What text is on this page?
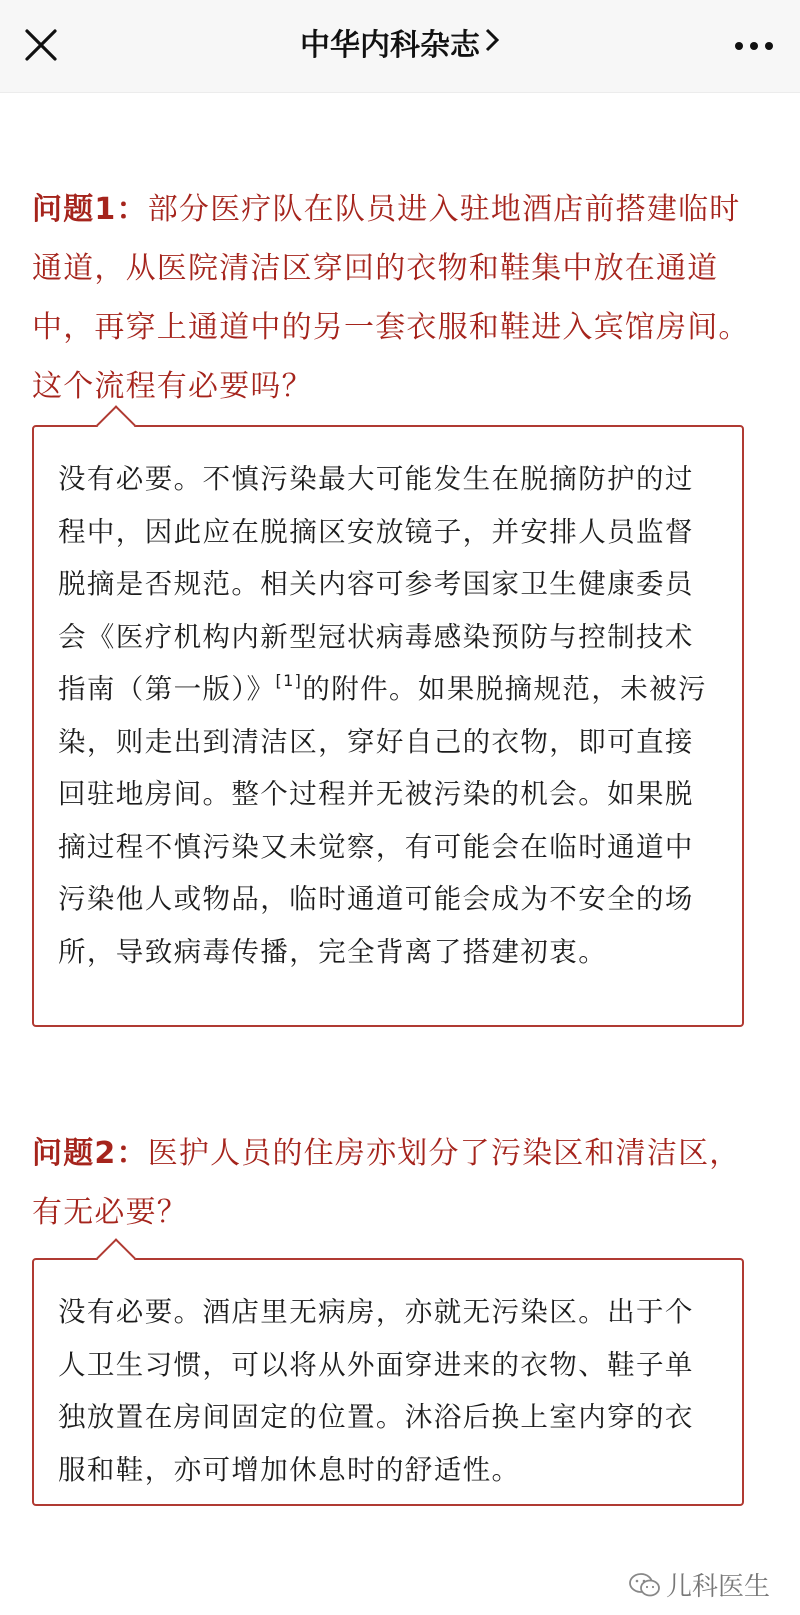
中华内科杂志
问题1：部分医疗队在队员进入驻地酒店前搭建临时通道，从医院清洁区穿回的衣物和鞋集中放在通道中，再穿上通道中的另一套衣服和鞋进入宾馆房间。这个流程有必要吗？
没有必要。不慎污染最大可能发生在脱摘防护的过程中，因此应在脱摘区安放镜子，并安排人员监督脱摘是否规范。相关内容可参考国家卫生健康委员会《医疗机构内新型冠状病毒感染预防与控制技术指南（第一版）》[1]的附件。如果脱摘规范，未被污染，则走出到清洁区，穿好自己的衣物，即可直接回驻地房间。整个过程并无被污染的机会。如果脱摘过程不慎污染又未觉察，有可能会在临时通道中污染他人或物品，临时通道可能会成为不安全的场所，导致病毒传播，完全背离了搭建初衷。
问题2：医护人员的住房亦划分了污染区和清洁区，有无必要？
没有必要。酒店里无病房，亦就无污染区。出于个人卫生习惯，可以将从外面穿进来的衣物、鞋子单独放置在房间固定的位置。沐浴后换上室内穿的衣服和鞋，亦可增加休息时的舒适性。
儿科医生
